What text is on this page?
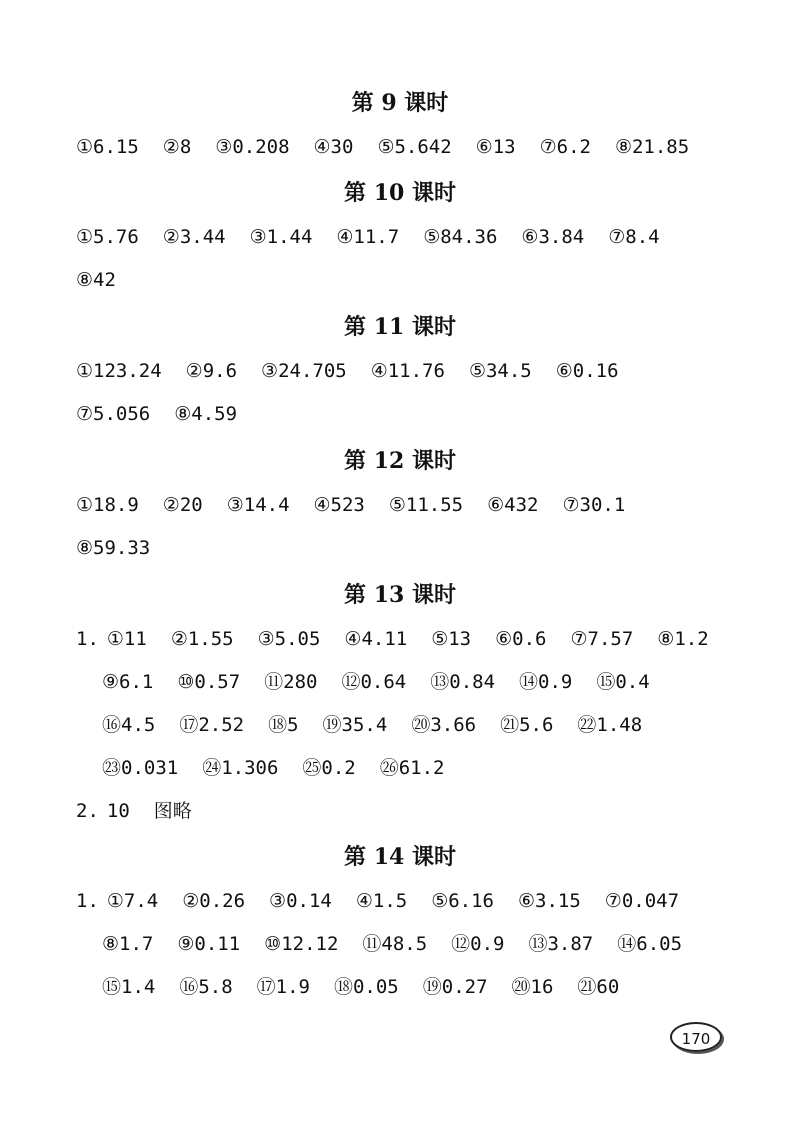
170
第 9 课时
①6.15 ②8 ③0.208 ④30 ⑤5.642 ⑥13 ⑦6.2 ⑧21.85
第 10 课时
①5.76 ②3.44 ③1.44 ④11.7 ⑤84.36 ⑥3.84 ⑦8.4
⑧42
第 11 课时
①123.24 ②9.6 ③24.705 ④11.76 ⑤34.5 ⑥0.16
⑦5.056 ⑧4.59
第 12 课时
①18.9 ②20 ③14.4 ④523 ⑤11.55 ⑥432 ⑦30.1
⑧59.33
第 13 课时
1. ①11 ②1.55 ③5.05 ④4.11 ⑤13 ⑥0.6 ⑦7.57 ⑧1.2
⑨6.1 ⑩0.57 ⑪280 ⑫0.64 ⑬0.84 ⑭0.9 ⑮0.4
⑯4.5 ⑰2.52 ⑱5 ⑲35.4 ⑳3.66 ㉑5.6 ㉒1.48
㉓0.031 ㉔1.306 ㉕0.2 ㉖61.2
2. 10 图略
第 14 课时
1. ①7.4 ②0.26 ③0.14 ④1.5 ⑤6.16 ⑥3.15 ⑦0.047
⑧1.7 ⑨0.11 ⑩12.12 ⑪48.5 ⑫0.9 ⑬3.87 ⑭6.05
⑮1.4 ⑯5.8 ⑰1.9 ⑱0.05 ⑲0.27 ⑳16 ㉑60
